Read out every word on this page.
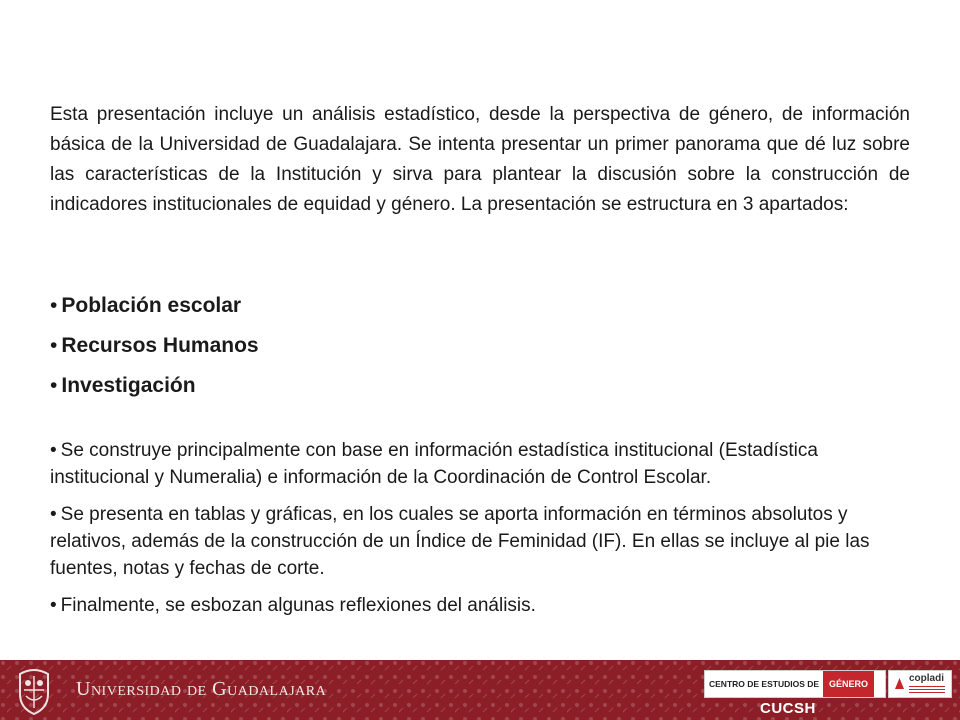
Esta presentación incluye un análisis estadístico, desde la perspectiva de género, de información básica de la Universidad de Guadalajara. Se intenta presentar un primer panorama que dé luz sobre las características de la Institución y sirva para plantear la discusión sobre la construcción de indicadores institucionales de equidad y género. La presentación se estructura en 3 apartados:

• Población escolar
• Recursos Humanos
• Investigación
• Se construye principalmente con base en información estadística institucional (Estadística institucional y Numeralia) e información de la Coordinación de Control Escolar.
• Se presenta en tablas y gráficas, en los cuales se aporta información en términos absolutos y relativos, además de la construcción de un Índice de Feminidad (IF). En ellas se incluye al pie las fuentes, notas y fechas de corte.
• Finalmente, se esbozan algunas reflexiones del análisis.
Universidad de Guadalajara	CENTRO DE ESTUDIOS DE	GÉNERO	copladi
CUCSH
